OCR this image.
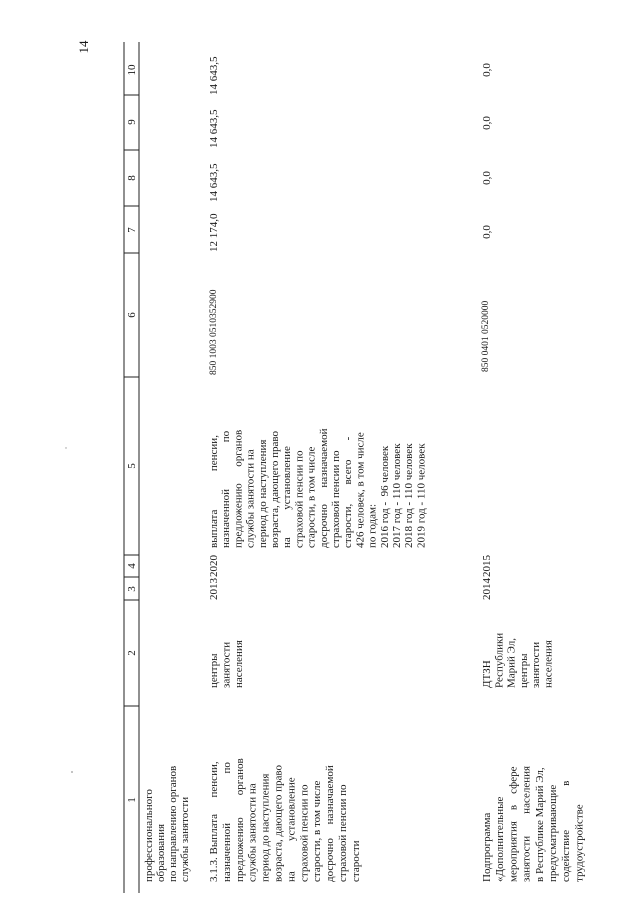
14
1
2
3
4
5
6
7
8
9
10
профессионального образования по направлению органов службы занятости 3.1.3. Выплата      пенсии, назначенной                  по предложению        органов службы занятости на период до наступления возраста, дающего право на           установление страховой пенсии по старости, в том числе досрочно     назначаемой страховой пенсии по старости
центры занятости населения
2013
2020
выплата              пенсии, назначенной                 по предложению      органов службы занятости на период до наступления возраста, дающего право на          установление страховой пенсии по старости, в том числе досрочно      назначаемой страховой пенсии по старости,       всего       - 426 человек, в том числе по годам: 2016 год -  96 человек 2017 год - 110 человек 2018 год - 110 человек 2019 год - 110 человек
850 1003 0510352900
12 174,0
14 643,5
14 643,5
14 643,5
Подпрограмма «Дополнительные мероприятия    в    сфере занятости        населения в Республике Марий Эл, предусматривающие содействие                в трудоустройстве
ДТЗН Республики Марий Эл, центры занятости населения
2014
2015
850 0401 0520000
0,0
0,0
0,0
0,0
